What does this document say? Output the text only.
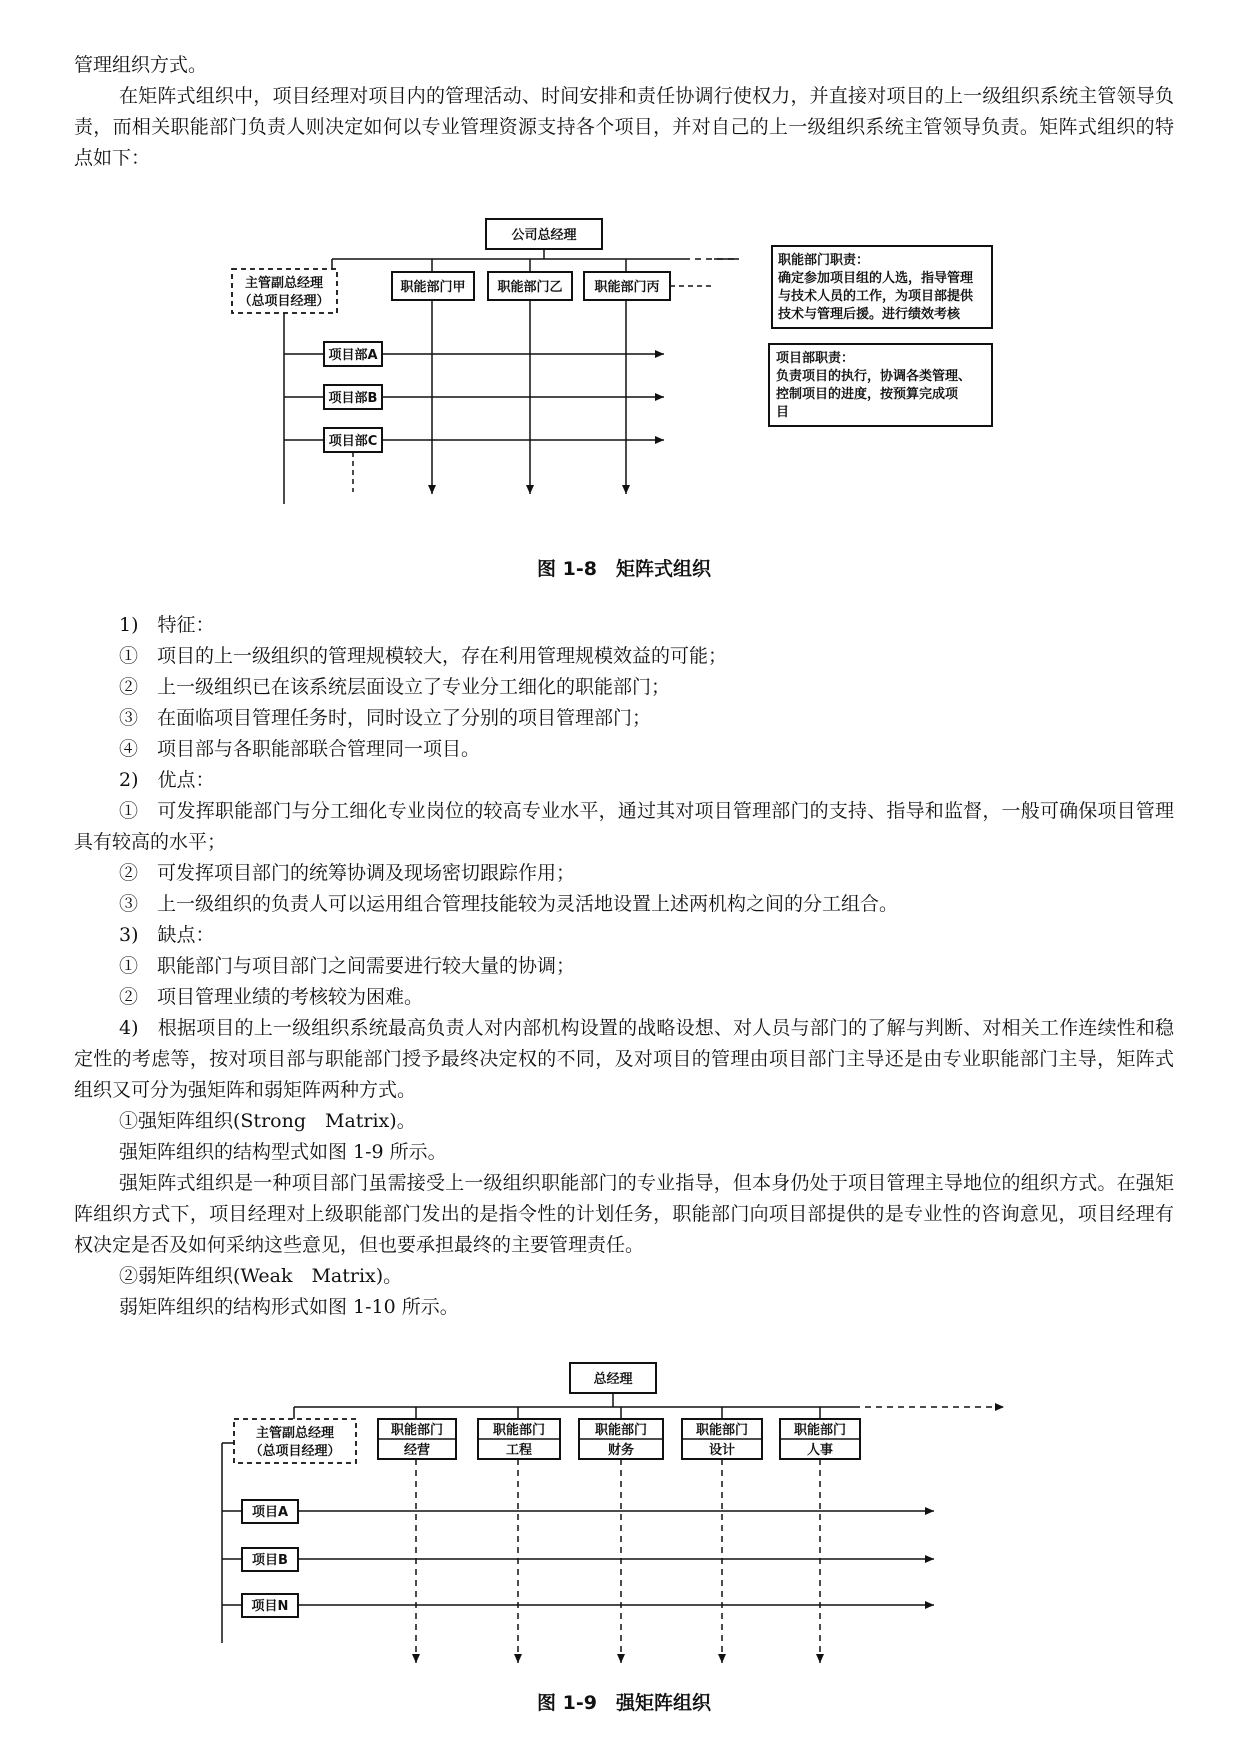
管理组织方式。

在矩阵式组织中，项目经理对项目内的管理活动、时间安排和责任协调行使权力，并直接对项目的上一级组织系统主管领导负责，而相关职能部门负责人则决定如何以专业管理资源支持各个项目，并对自己的上一级组织系统主管领导负责。矩阵式组织的特点如下：

公司总经理
主管副总经理
（总项目经理）
职能部门甲 职能部门乙 职能部门丙
项目部A
项目部B
项目部C
职能部门职责：
确定参加项目组的人选，指导管理
与技术人员的工作，为项目部提供
技术与管理后援。进行绩效考核
项目部职责：
负责项目的执行，协调各类管理、
控制项目的进度，按预算完成项
目

图 1-8　矩阵式组织

1)　特征：

①　项目的上一级组织的管理规模较大，存在利用管理规模效益的可能；

②　上一级组织已在该系统层面设立了专业分工细化的职能部门；

③　在面临项目管理任务时，同时设立了分别的项目管理部门；

④　项目部与各职能部联合管理同一项目。

2)　优点：

①　可发挥职能部门与分工细化专业岗位的较高专业水平，通过其对项目管理部门的支持、指导和监督，一般可确保项目管理具有较高的水平；

②　可发挥项目部门的统筹协调及现场密切跟踪作用；

③　上一级组织的负责人可以运用组合管理技能较为灵活地设置上述两机构之间的分工组合。

3)　缺点：

①　职能部门与项目部门之间需要进行较大量的协调；

②　项目管理业绩的考核较为困难。

4)　根据项目的上一级组织系统最高负责人对内部机构设置的战略设想、对人员与部门的了解与判断、对相关工作连续性和稳定性的考虑等，按对项目部与职能部门授予最终决定权的不同，及对项目的管理由项目部门主导还是由专业职能部门主导，矩阵式组织又可分为强矩阵和弱矩阵两种方式。

①强矩阵组织(Strong　Matrix)。

强矩阵组织的结构型式如图 1-9 所示。

强矩阵式组织是一种项目部门虽需接受上一级组织职能部门的专业指导，但本身仍处于项目管理主导地位的组织方式。在强矩阵组织方式下，项目经理对上级职能部门发出的是指令性的计划任务，职能部门向项目部提供的是专业性的咨询意见，项目经理有权决定是否及如何采纳这些意见，但也要承担最终的主要管理责任。

②弱矩阵组织(Weak　Matrix)。

弱矩阵组织的结构形式如图 1-10 所示。

总经理
主管副总经理
（总项目经理）
职能部门
经营
职能部门
工程
职能部门
财务
职能部门
设计
职能部门
人事
项目A
项目B
项目N

图 1-9　强矩阵组织
